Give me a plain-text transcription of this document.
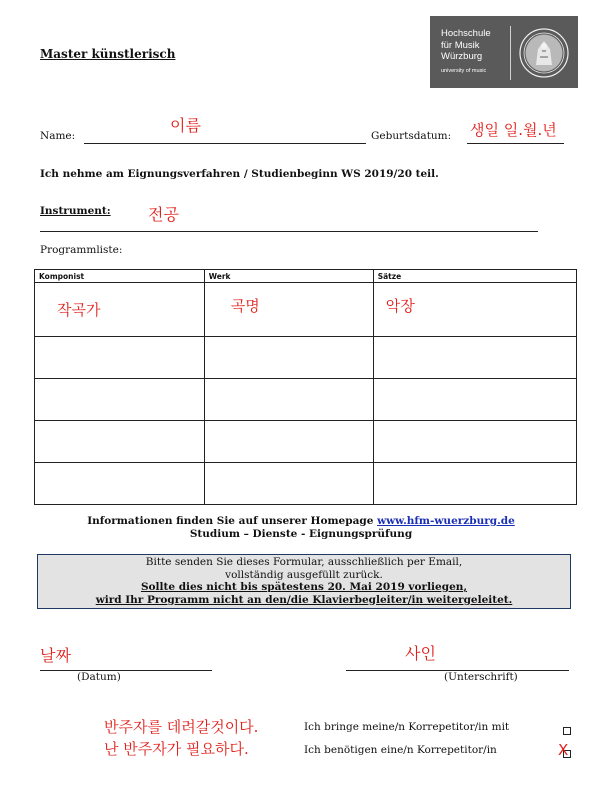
Master künstlerisch
Hochschule
für Musik
Würzburg
university of music
Name:
이름
Geburtsdatum: 생일 일.월.년
Ich nehme am Eignungsverfahren / Studienbeginn WS 2019/20 teil.
Instrument: 전공
Programmliste:
Komponist	Werk	Sätze

작곡가	곡명	악장

Informationen finden Sie auf unserer Homepage www.hfm-wuerzburg.de
Studium – Dienste - Eignungsprüfung
Bitte senden Sie dieses Formular, ausschließlich per Email,
vollständig ausgefüllt zurück.
Sollte dies nicht bis spätestens 20. Mai 2019 vorliegen,
wird Ihr Programm nicht an den/die Klavierbegleiter/in weitergeleitet.
날짜
(Datum)
사인
(Unterschrift)
반주자를 데려갈것이다.
난 반주자가 필요하다.
Ich bringe meine/n Korrepetitor/in mit
Ich benötigen eine/n Korrepetitor/in	X
